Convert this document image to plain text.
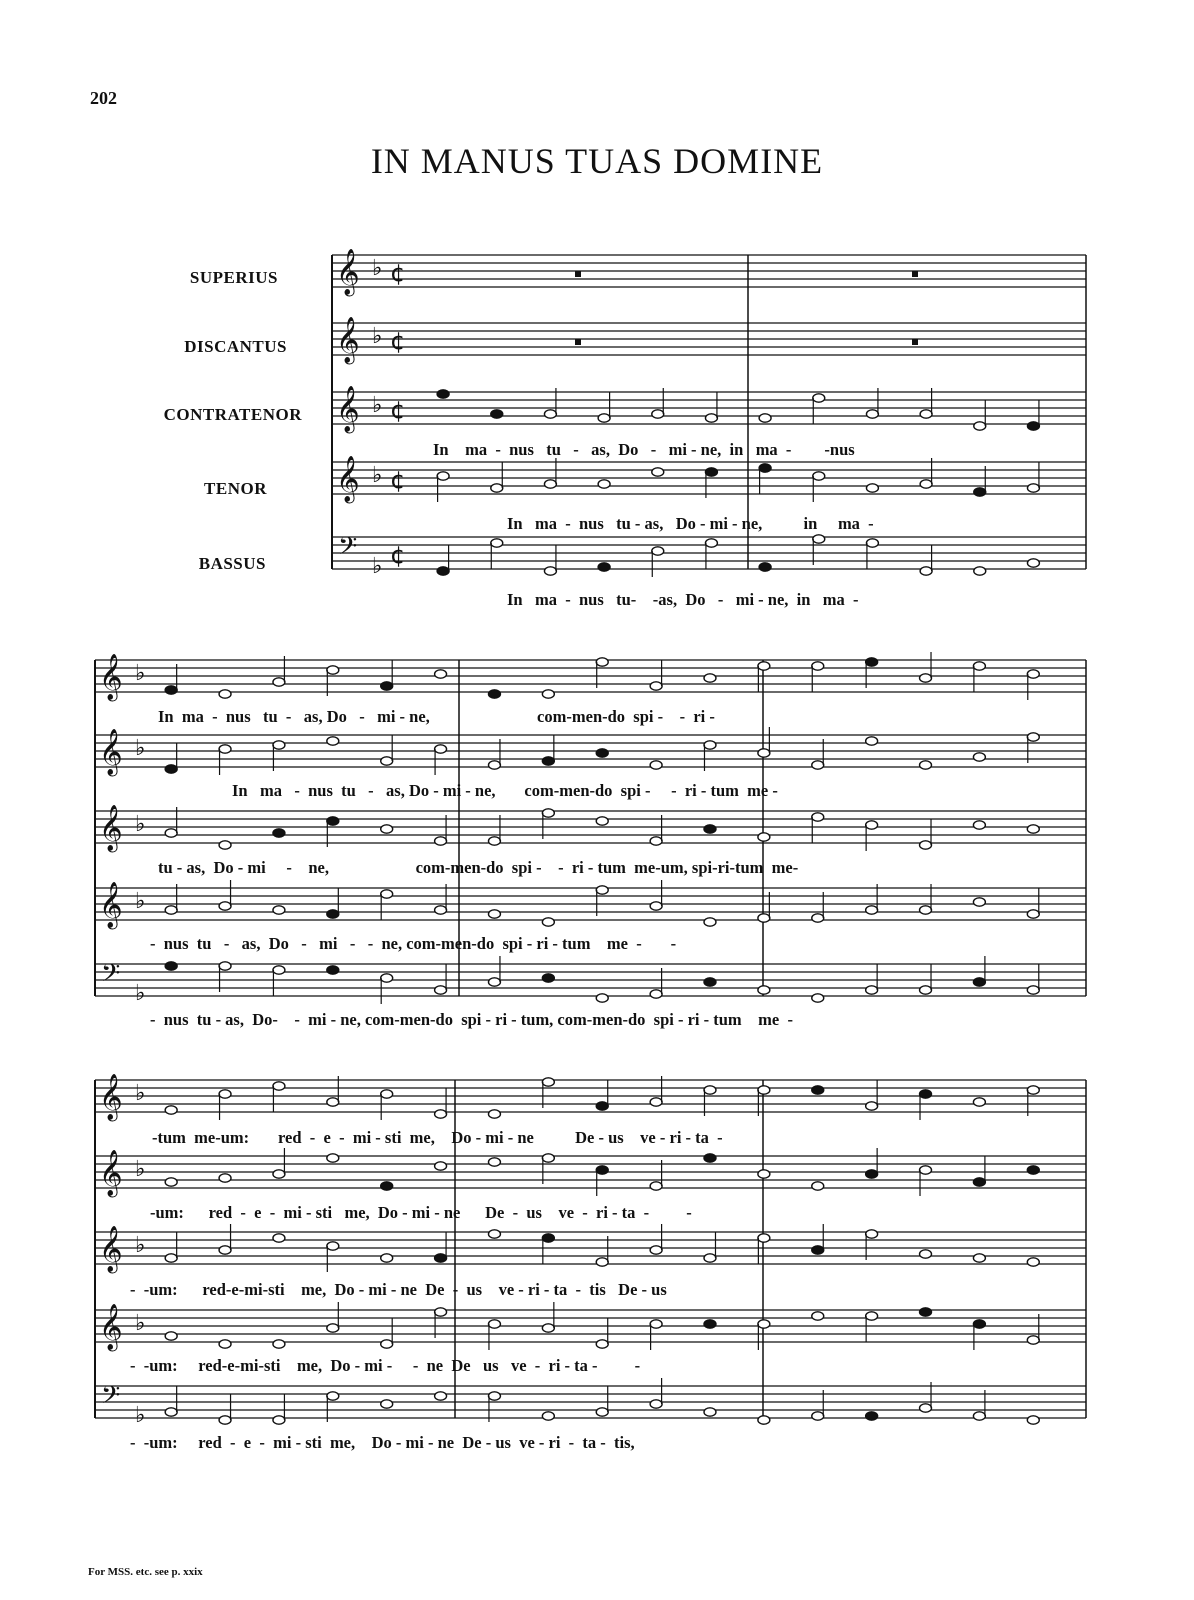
202
IN MANUS TUAS DOMINE
SUPERIUS
DISCANTUS
CONTRATENOR
TENOR
BASSUS
In    ma  -  nus   tu   -   as,  Do   -   mi - ne,  in   ma  -        -nus
In   ma  -  nus   tu - as,   Do - mi - ne,          in     ma  -
In   ma  -  nus   tu-    -as,  Do   -   mi - ne,  in   ma  -
In  ma  -  nus   tu  -   as, Do   -   mi - ne,                          com-men-do  spi -    -  ri -
In   ma   -  nus  tu   -   as, Do - mi - ne,       com-men-do  spi -     -  ri - tum  me -
tu - as,  Do - mi     -    ne,                     com-men-do  spi -    -  ri - tum  me-um, spi-ri-tum  me-
-  nus  tu   -   as,  Do   -   mi   -   -  ne, com-men-do  spi - ri - tum    me  -       -
-  nus  tu - as,  Do-    -  mi - ne, com-men-do  spi - ri - tum, com-men-do  spi - ri - tum    me  -
-tum  me-um:       red  -  e  -  mi - sti  me,    Do - mi - ne          De - us    ve - ri - ta  -
-um:      red  -  e  -  mi - sti   me,  Do - mi - ne      De  -  us    ve  -  ri - ta  -         -
-  -um:      red-e-mi-sti    me,  Do - mi - ne  De  -  us    ve - ri - ta  -  tis   De - us
-  -um:     red-e-mi-sti    me,  Do - mi -     -  ne  De   us   ve  -  ri - ta -         -
-  -um:     red  -  e  -  mi - sti  me,    Do - mi - ne  De - us  ve - ri  -  ta -  tis,
For MSS. etc. see p. xxix
𝄞 ♭ ¢
𝄞 ♭ ¢
𝄞 ♭ ¢
𝄞 ♭ ¢
𝄢 ♭ ¢
𝄞 ♭
𝄞 ♭
𝄞 ♭
𝄞 ♭
𝄢 ♭
𝄞 ♭
𝄞 ♭
𝄞 ♭
𝄞 ♭
𝄢 ♭
